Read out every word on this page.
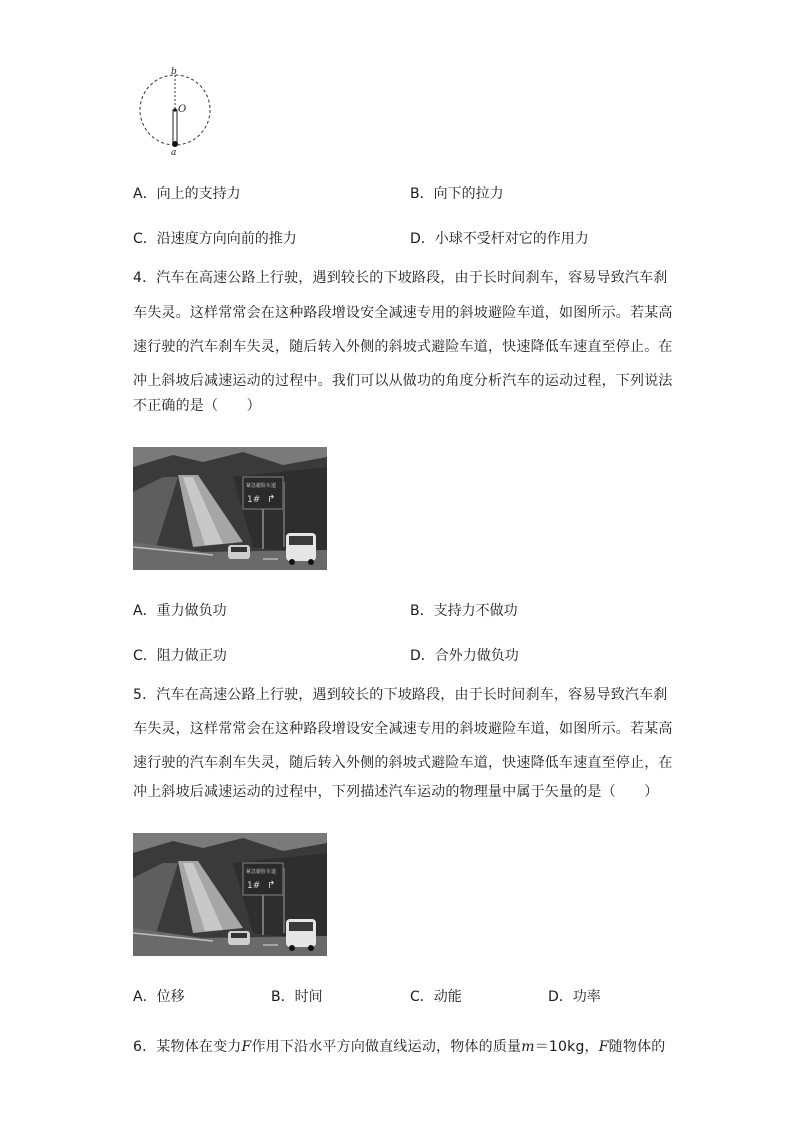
b
O
a
A．向上的支持力	B．向下的拉力
C．沿速度方向向前的推力	D．小球不受杆对它的作用力
4．汽车在高速公路上行驶，遇到较长的下坡路段，由于长时间刹车，容易导致汽车刹
车失灵。这样常常会在这种路段增设安全减速专用的斜坡避险车道，如图所示。若某高
速行驶的汽车刹车失灵，随后转入外侧的斜坡式避险车道，快速降低车速直至停止。在
冲上斜坡后减速运动的过程中。我们可以从做功的角度分析汽车的运动过程，下列说法
不正确的是（　　）
紧急避险车道
1# ↱
A．重力做负功	B．支持力不做功
C．阻力做正功	D．合外力做负功
5．汽车在高速公路上行驶，遇到较长的下坡路段，由于长时间刹车，容易导致汽车刹
车失灵，这样常常会在这种路段增设安全减速专用的斜坡避险车道，如图所示。若某高
速行驶的汽车刹车失灵，随后转入外侧的斜坡式避险车道，快速降低车速直至停止，在
冲上斜坡后减速运动的过程中，下列描述汽车运动的物理量中属于矢量的是（　　）
紧急避险车道
1# ↱
A．位移	B．时间	C．动能	D．功率
6．某物体在变力F作用下沿水平方向做直线运动，物体的质量m＝10kg，F随物体的
